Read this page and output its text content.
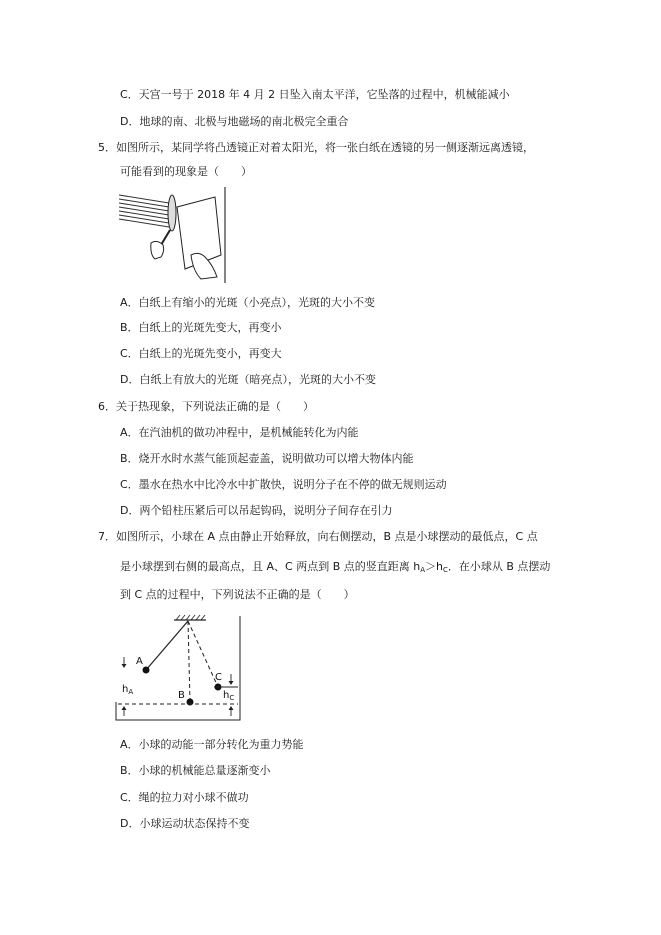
C．天宫一号于 2018 年 4 月 2 日坠入南太平洋，它坠落的过程中，机械能减小
D．地球的南、北极与地磁场的南北极完全重合
5．如图所示，某同学将凸透镜正对着太阳光，将一张白纸在透镜的另一侧逐渐远离透镜，
可能看到的现象是（　　）
A．白纸上有缩小的光斑（小亮点），光斑的大小不变
B．白纸上的光斑先变大，再变小
C．白纸上的光斑先变小，再变大
D．白纸上有放大的光斑（暗亮点），光斑的大小不变
6．关于热现象，下列说法正确的是（　　）
A．在汽油机的做功冲程中，是机械能转化为内能
B．烧开水时水蒸气能顶起壶盖，说明做功可以增大物体内能
C．墨水在热水中比冷水中扩散快，说明分子在不停的做无规则运动
D．两个铅柱压紧后可以吊起钩码，说明分子间存在引力
7．如图所示，小球在 A 点由静止开始释放，向右侧摆动，B 点是小球摆动的最低点，C 点
是小球摆到右侧的最高点，且 A、C 两点到 B 点的竖直距离 $h_A>h_C$．在小球从 B 点摆动
到 C 点的过程中，下列说法不正确的是（　　）
A
B
C
$h_A$	$h_C$
A．小球的动能一部分转化为重力势能
B．小球的机械能总量逐渐变小
C．绳的拉力对小球不做功
D．小球运动状态保持不变
